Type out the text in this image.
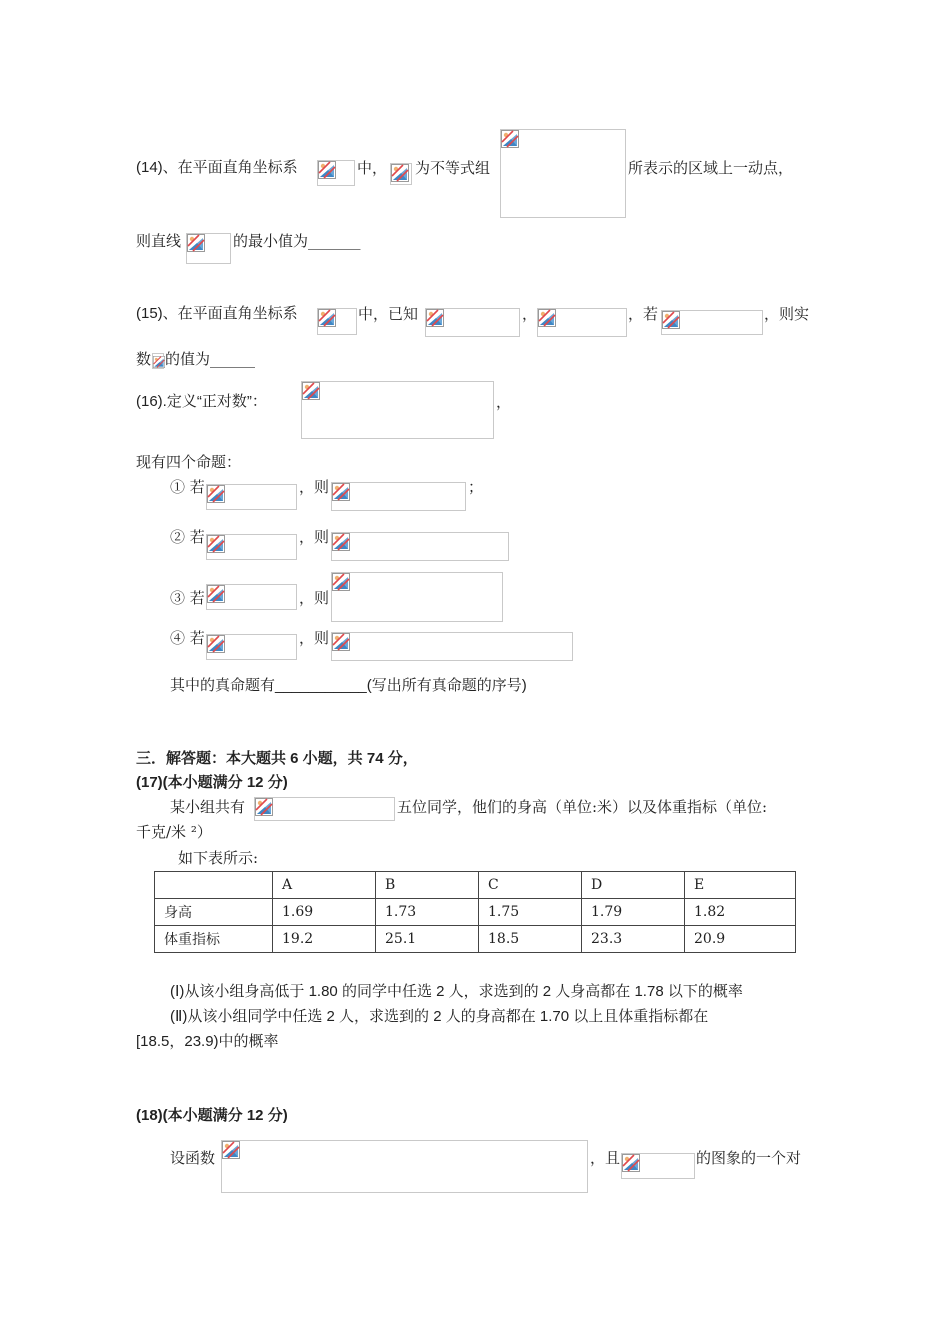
(14)、在平面直角坐标系	中， 为不等式组	所表示的区域上一动点，
则直线	的最小值为_______
(15)、在平面直角坐标系	中，已知	，	，若	，则实
数 的值为______
(16).定义“正对数”：	，
现有四个命题：
① 若	，则	；
② 若	，则
③ 若	，则
④ 若	，则
其中的真命题有___________(写出所有真命题的序号)
三．解答题：本大题共 6 小题，共 74 分，
(17)(本小题满分 12 分)
某小组共有	五位同学，他们的身高（单位:米）以及体重指标（单位:
千克/米 ²）
如下表所示:
	A	B	C	D	E
身高	1.69	1.73	1.75	1.79	1.82
体重指标	19.2	25.1	18.5	23.3	20.9
(Ⅰ)从该小组身高低于 1.80 的同学中任选 2 人，求选到的 2 人身高都在 1.78 以下的概率
(Ⅱ)从该小组同学中任选 2 人，求选到的 2 人的身高都在 1.70 以上且体重指标都在
[18.5，23.9)中的概率
(18)(本小题满分 12 分)
设函数	，且	的图象的一个对
